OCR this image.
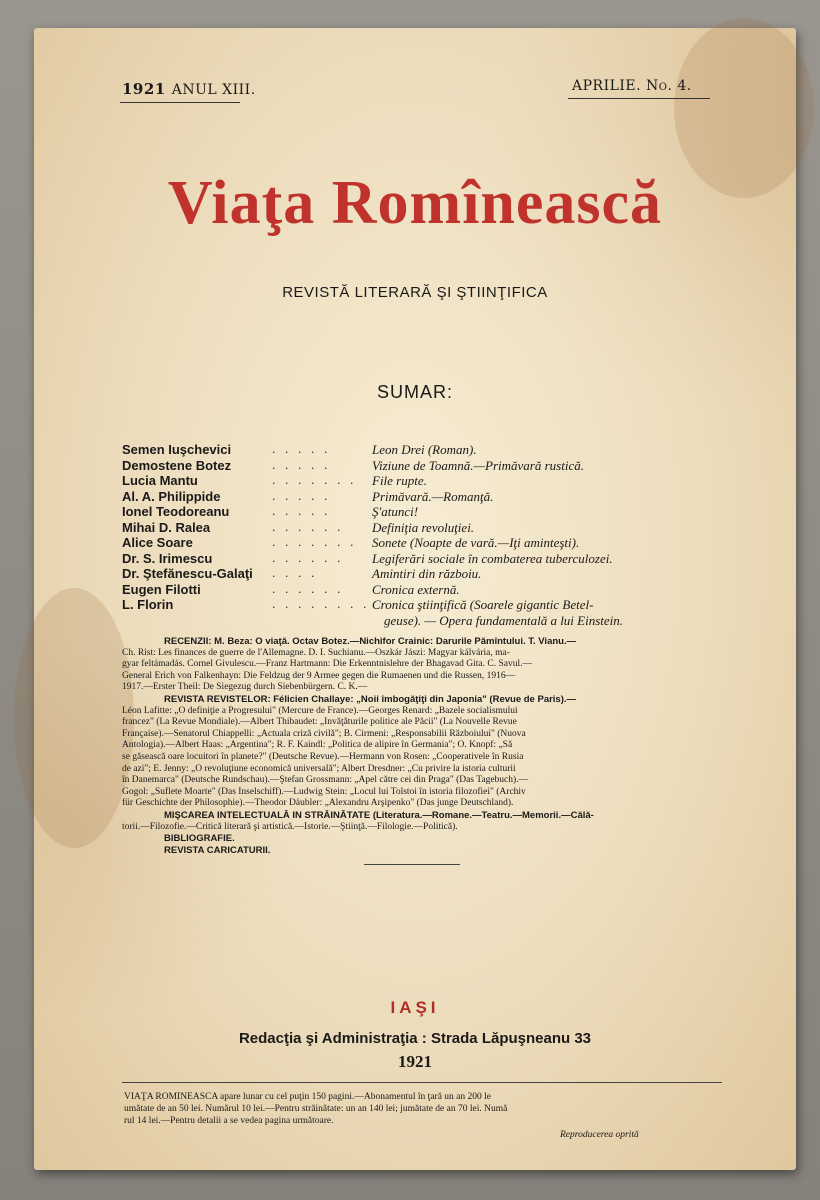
1921 ANUL XIII.	APRILIE. No. 4.
Viaţa Romînească
REVISTĂ LITERARĂ ŞI ŞTIINŢIFICA
SUMAR:
Semen Iuşchevici	. . . . .	Leon Drei (Roman).
Demostene Botez	. . . . .	Viziune de Toamnă.—Primăvară rustică.
Lucia Mantu	. . . . . . .	File rupte.
Al. A. Philippide	. . . . .	Primăvară.—Romanţă.
Ionel Teodoreanu	. . . . .	Ş'atunci!
Mihai D. Ralea	. . . . . .	Definiţia revoluţiei.
Alice Soare	. . . . . . .	Sonete (Noapte de vară.—Iţi aminteşti).
Dr. S. Irimescu	. . . . . .	Legiferări sociale în combaterea tuberculozei.
Dr. Ştefănescu-Galaţi	. . . .	Amintiri din războiu.
Eugen Filotti	. . . . . .	Cronica externă.
L. Florin	. . . . . . . . Cronica ştiinţifică (Soarele gigantic Betel-
geuse). — Opera fundamentală a lui Einstein.

RECENZII: M. Beza: O viaţă. Octav Botez.—Nichifor Crainic: Darurile Pămîntului. T. Vianu.—

Ch. Rist: Les finances de guerre de l'Allemagne. D. I. Suchianu.—Oszkár Jászi: Magyar kálvária, ma-

gyar feltámadás. Cornel Givulescu.—Franz Hartmann: Die Erkenntnislehre der Bhagavad Gita. C. Savul.—

General Erich von Falkenhayn: Die Feldzug der 9 Armee gegen die Rumaenen und die Russen, 1916—

1917.—Erster Theil: De Siegezug durch Siebenbürgern. C. K.—

REVISTA REVISTELOR: Félicien Challaye: „Noii îmbogăţiţi din Japonia" (Revue de Paris).—

Léon Lafitte: „O definiţie a Progresului" (Mercure de France).—Georges Renard: „Bazele socialismului

francez" (La Revue Mondiale).—Albert Thibaudet: „Invăţăturile politice ale Păcii" (La Nouvelle Revue

Française).—Senatorul Chiappelli: „Actuala criză civilă"; B. Cirmeni: „Responsabilii Războiului" (Nuova

Antologia).—Albert Haas: „Argentina"; R. F. Kaindl: „Politica de alipire în Germania"; O. Knopf: „Să

se găsească oare locuitori în planete?" (Deutsche Revue).—Hermann von Rosen: „Cooperativele în Rusia

de azi"; E. Jenny: „O revoluţiune economică universală"; Albert Dresdner: „Cu privire la istoria culturii

în Danemarca" (Deutsche Rundschau).—Ştefan Grossmann: „Apel către cei din Praga" (Das Tagebuch).—

Gogol: „Suflete Moarte" (Das Inselschiff).—Ludwig Stein: „Locul lui Tolstoi în istoria filozofiei" (Archiv

für Geschichte der Philosophie).—Theodor Däubler: „Alexandru Arşipenko" (Das junge Deutschland).

MIŞCAREA INTELECTUALĂ IN STRĂINĂTATE (Literatura.—Romane.—Teatru.—Memorii.—Călă-

torii.—Filozofie.—Critică literară şi artistică.—Istorie.—Ştiinţă.—Filologie.—Politică).

BIBLIOGRAFIE.

REVISTA CARICATURII.

IAŞI
Redacţia şi Administraţia : Strada Lăpuşneanu 33
1921

VIAŢA ROMÎNEASCA apare lunar cu cel puţin 150 pagini.—Abonamentul în ţară un an 200 le

umătate de an 50 lei. Numărul 10 lei.—Pentru străinătate: un an 140 lei; jumătate de an 70 lei. Numă

rul 14 lei.—Pentru detalii a se vedea pagina următoare.

Reproducerea oprită
